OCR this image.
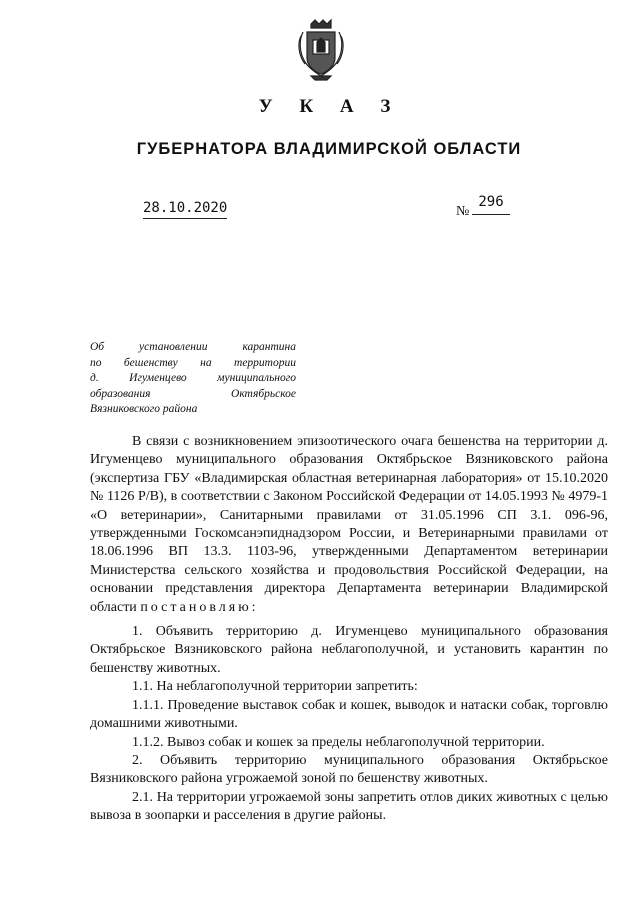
У К А З
ГУБЕРНАТОРА ВЛАДИМИРСКОЙ ОБЛАСТИ
28.10.2020	№
296
Об установлении карантина
по бешенству на территории
д. Игуменцево муниципального
образования Октябрьское
Вязниковского района

В связи с возникновением эпизоотического очага бешенства на территории д. Игуменцево муниципального образования Октябрьское Вязниковского района (экспертиза ГБУ «Владимирская областная ветеринарная лаборатория» от 15.10.2020 № 1126 Р/В), в соответствии с Законом Российской Федерации от 14.05.1993 № 4979-1 «О ветеринарии», Санитарными правилами от 31.05.1996 СП 3.1. 096-96, утвержденными Госкомсанэпиднадзором России, и Ветеринарными правилами от 18.06.1996 ВП 13.3. 1103-96, утвержденными Департаментом ветеринарии Министерства сельского хозяйства и продовольствия Российской Федерации, на основании представления директора Департамента ветеринарии Владимирской области постановляю:

1. Объявить территорию д. Игуменцево муниципального образования Октябрьское Вязниковского района неблагополучной, и установить карантин по бешенству животных.

1.1. На неблагополучной территории запретить:

1.1.1. Проведение выставок собак и кошек, выводок и натаски собак, торговлю домашними животными.

1.1.2. Вывоз собак и кошек за пределы неблагополучной территории.

2. Объявить территорию муниципального образования Октябрьское Вязниковского района угрожаемой зоной по бешенству животных.

2.1. На территории угрожаемой зоны запретить отлов диких животных с целью вывоза в зоопарки и расселения в другие районы.
